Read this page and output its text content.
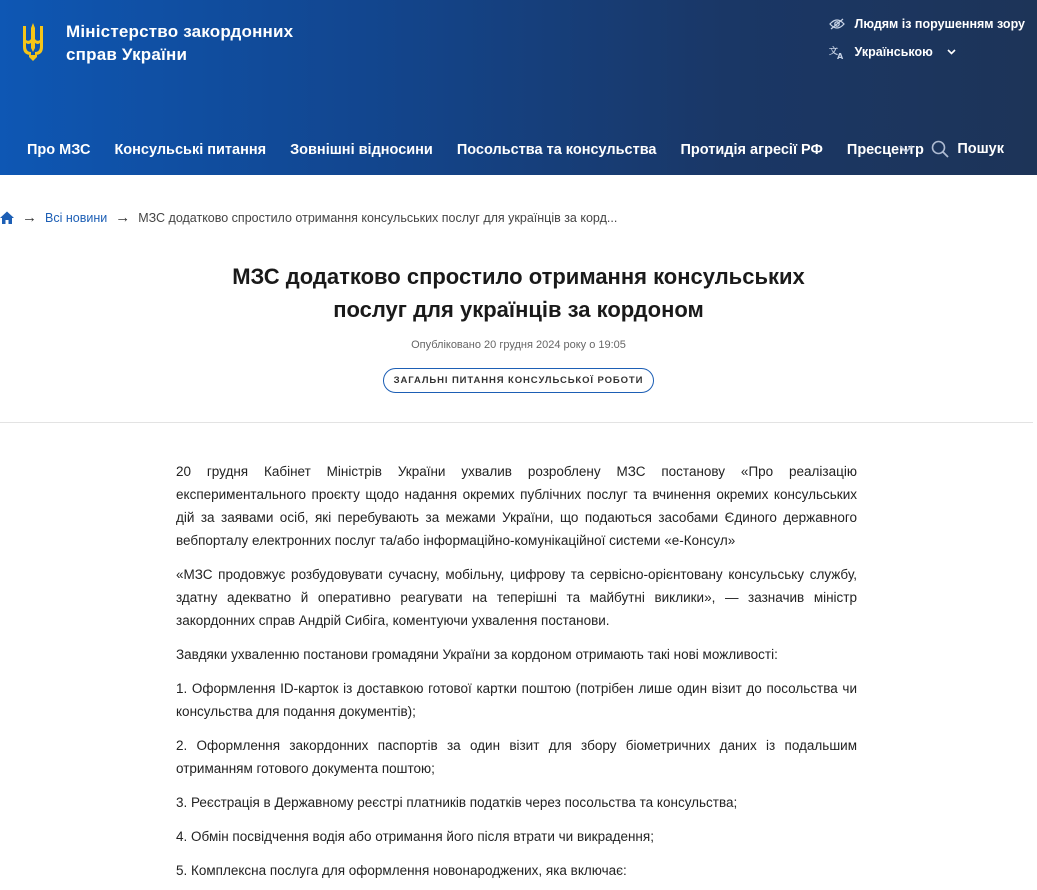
Міністерство закордонних
справ України
Людям із порушенням зору
文
A Українською
Про МЗС Консульські питання Зовнішні відносини Посольства та консульства Протидія агресії РФ Пресцентр Пошук
→ Всі новини → МЗС додатково спростило отримання консульських послуг для українців за корд...
МЗС додатково спростило отримання консульських
послуг для українців за кордоном
Опубліковано 20 грудня 2024 року о 19:05
ЗАГАЛЬНІ ПИТАННЯ КОНСУЛЬСЬКОЇ РОБОТИ

20 грудня Кабінет Міністрів України ухвалив розроблену МЗС постанову «Про реалізацію експериментального проєкту щодо надання окремих публічних послуг та вчинення окремих консульських дій за заявами осіб, які перебувають за межами України, що подаються засобами Єдиного державного вебпорталу електронних послуг та/або інформаційно-комунікаційної системи «е-Консул»

«МЗС продовжує розбудовувати сучасну, мобільну, цифрову та сервісно-орієнтовану консульську службу, здатну адекватно й оперативно реагувати на теперішні та майбутні виклики», — зазначив міністр закордонних справ Андрій Сибіга, коментуючи ухвалення постанови.

Завдяки ухваленню постанови громадяни України за кордоном отримають такі нові можливості:

1. Оформлення ID-карток із доставкою готової картки поштою (потрібен лише один візит до посольства чи консульства для подання документів);

2. Оформлення закордонних паспортів за один візит для збору біометричних даних із подальшим отриманням готового документа поштою;

3. Реєстрація в Державному реєстрі платників податків через посольства та консульства;

4. Обмін посвідчення водія або отримання його після втрати чи викрадення;

5. Комплексна послуга для оформлення новонароджених, яка включає:
